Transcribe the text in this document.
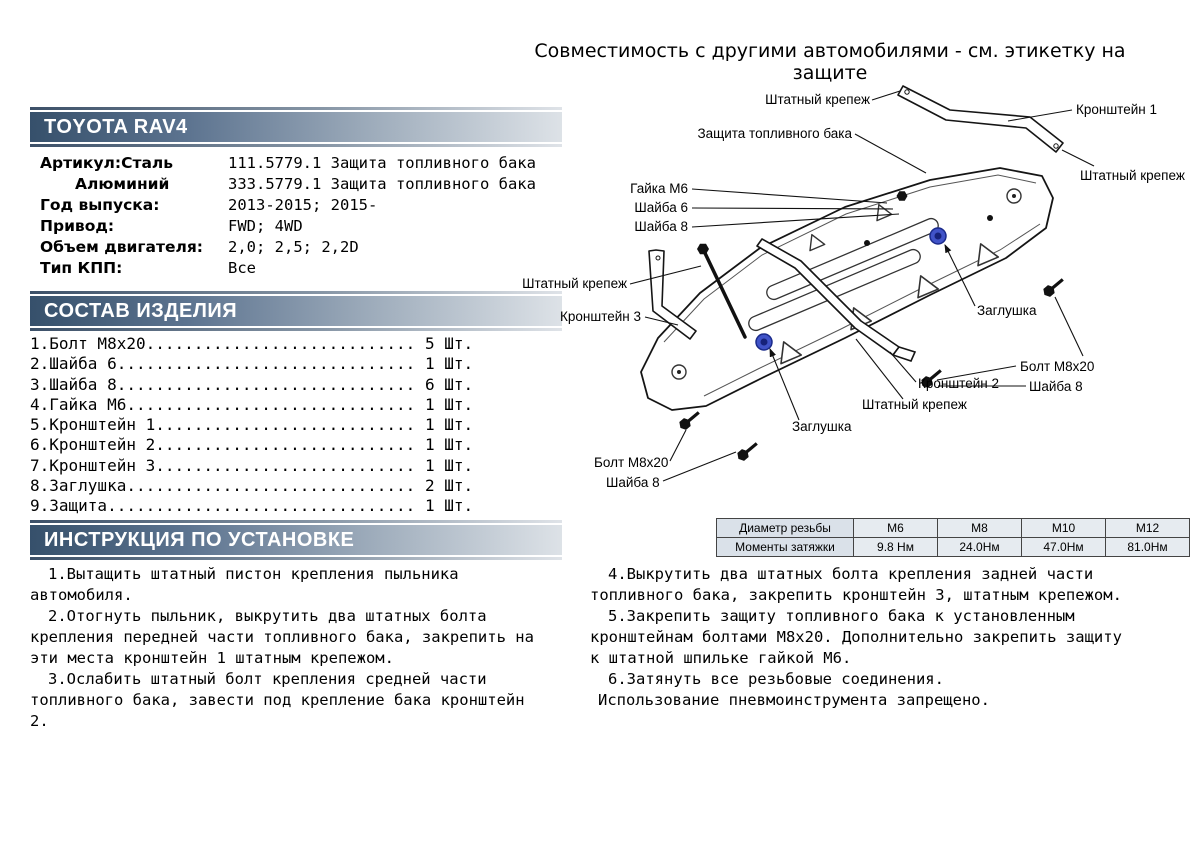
Совместимость с другими автомобилями - см. этикетку на защите
TOYOTA RAV4
Артикул:Сталь	111.5779.1 Защита топливного бака
Алюминий	333.5779.1 Защита топливного бака
Год выпуска:	2013-2015; 2015-
Привод:	FWD; 4WD
Объем двигателя:	2,0; 2,5; 2,2D
Тип КПП:	Все
СОСТАВ ИЗДЕЛИЯ
1.Болт М8х20............................ 5 Шт.
2.Шайба 6............................... 1 Шт.
3.Шайба 8............................... 6 Шт.
4.Гайка М6.............................. 1 Шт.
5.Кронштейн 1........................... 1 Шт.
6.Кронштейн 2........................... 1 Шт.
7.Кронштейн 3........................... 1 Шт.
8.Заглушка.............................. 2 Шт.
9.Защита................................ 1 Шт.
ИНСТРУКЦИЯ ПО УСТАНОВКЕ

1.Вытащить штатный пистон крепления пыльника автомобиля.

2.Отогнуть пыльник, выкрутить два штатных болта крепления передней части топливного бака, закрепить на эти места кронштейн 1 штатным крепежом.

3.Ослабить штатный болт крепления средней части топливного бака, завести под крепление бака кронштейн 2.

4.Выкрутить два штатных болта крепления задней части топливного бака, закрепить кронштейн 3, штатным крепежом.

5.Закрепить защиту топливного бака к установленным кронштейнам болтами М8х20. Дополнительно закрепить защиту к штатной шпильке гайкой М6.

6.Затянуть все резьбовые соединения.

Использование пневмоинструмента запрещено.

Диаметр резьбы	М6	М8	М10	М12
Моменты затяжки	9.8 Нм	24.0Нм	47.0Нм	81.0Нм
Штатный крепеж
Кронштейн 1
Штатный крепеж
Защита топливного бака
Гайка М6
Шайба 6
Шайба 8
Штатный крепеж
Кронштейн 3	Заглушка
Кронштейн 2
Болт М8х20
Шайба 8
Штатный крепеж
Заглушка
Болт М8х20
Шайба 8
